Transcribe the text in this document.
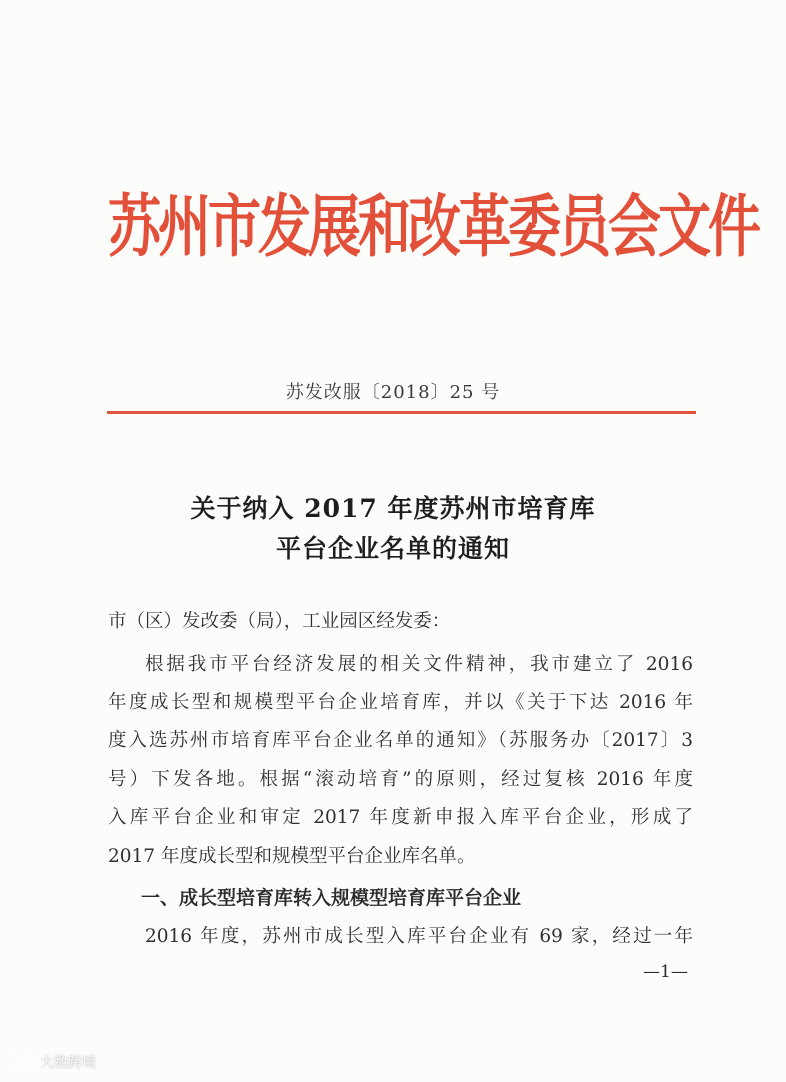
苏州市发展和改革委员会文件
苏发改服〔2018〕25 号
关于纳入 2017 年度苏州市培育库
平台企业名单的通知
市（区）发改委（局），工业园区经发委：
根据我市平台经济发展的相关文件精神，我市建立了 2016
年度成长型和规模型平台企业培育库，并以《关于下达 2016 年
度入选苏州市培育库平台企业名单的通知》（苏服务办〔2017〕3
号）下发各地。根据“滚动培育”的原则，经过复核 2016 年度
入库平台企业和审定 2017 年度新申报入库平台企业，形成了
2017 年度成长型和规模型平台企业库名单。
一、成长型培育库转入规模型培育库平台企业
2016 年度，苏州市成长型入库平台企业有 69 家，经过一年
—1—
大数跨境
